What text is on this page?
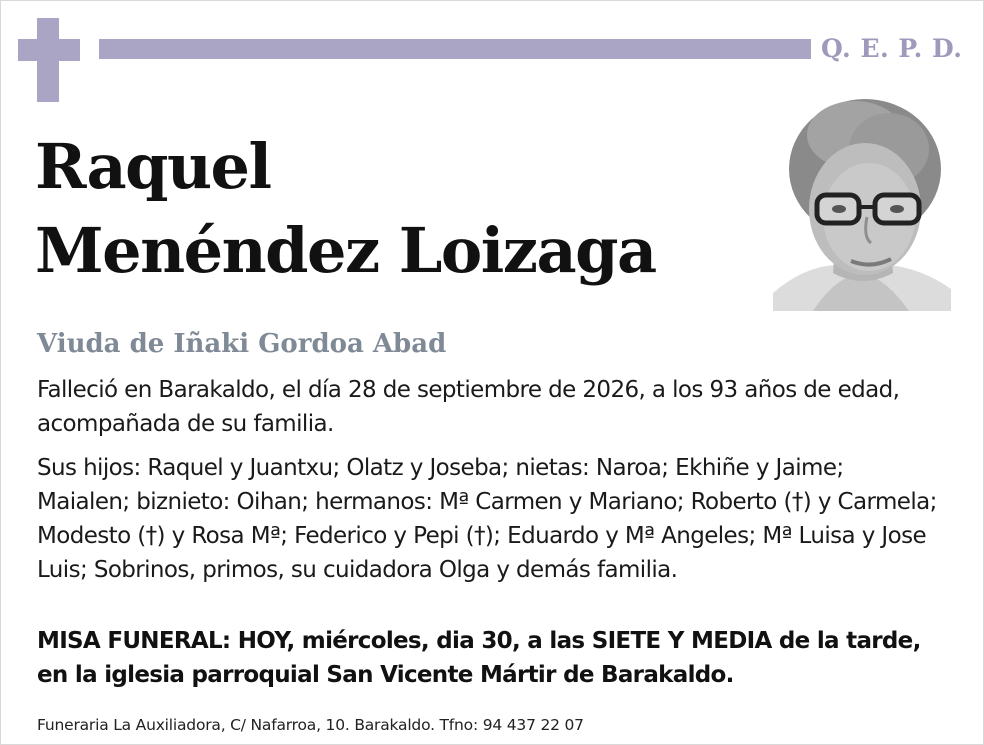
Q. E. P. D.
Raquel
Menéndez Loizaga
Viuda de Iñaki Gordoa Abad
Falleció en Barakaldo, el día 28 de septiembre de 2026, a los 93 años de edad, acompañada de su familia.
Sus hijos: Raquel y Juantxu; Olatz y Joseba; nietas: Naroa; Ekhiñe y Jaime; Maialen; biznieto: Oihan; hermanos: Mª Carmen y Mariano; Roberto (†) y Carmela; Modesto (†) y Rosa Mª; Federico y Pepi (†); Eduardo y Mª Angeles; Mª Luisa y Jose Luis; Sobrinos, primos, su cuidadora Olga y demás familia.
MISA FUNERAL: HOY, miércoles, dia 30, a las SIETE Y MEDIA de la tarde, en la iglesia parroquial San Vicente Mártir de Barakaldo.
Funeraria La Auxiliadora, C/ Nafarroa, 10. Barakaldo. Tfno: 94 437 22 07
